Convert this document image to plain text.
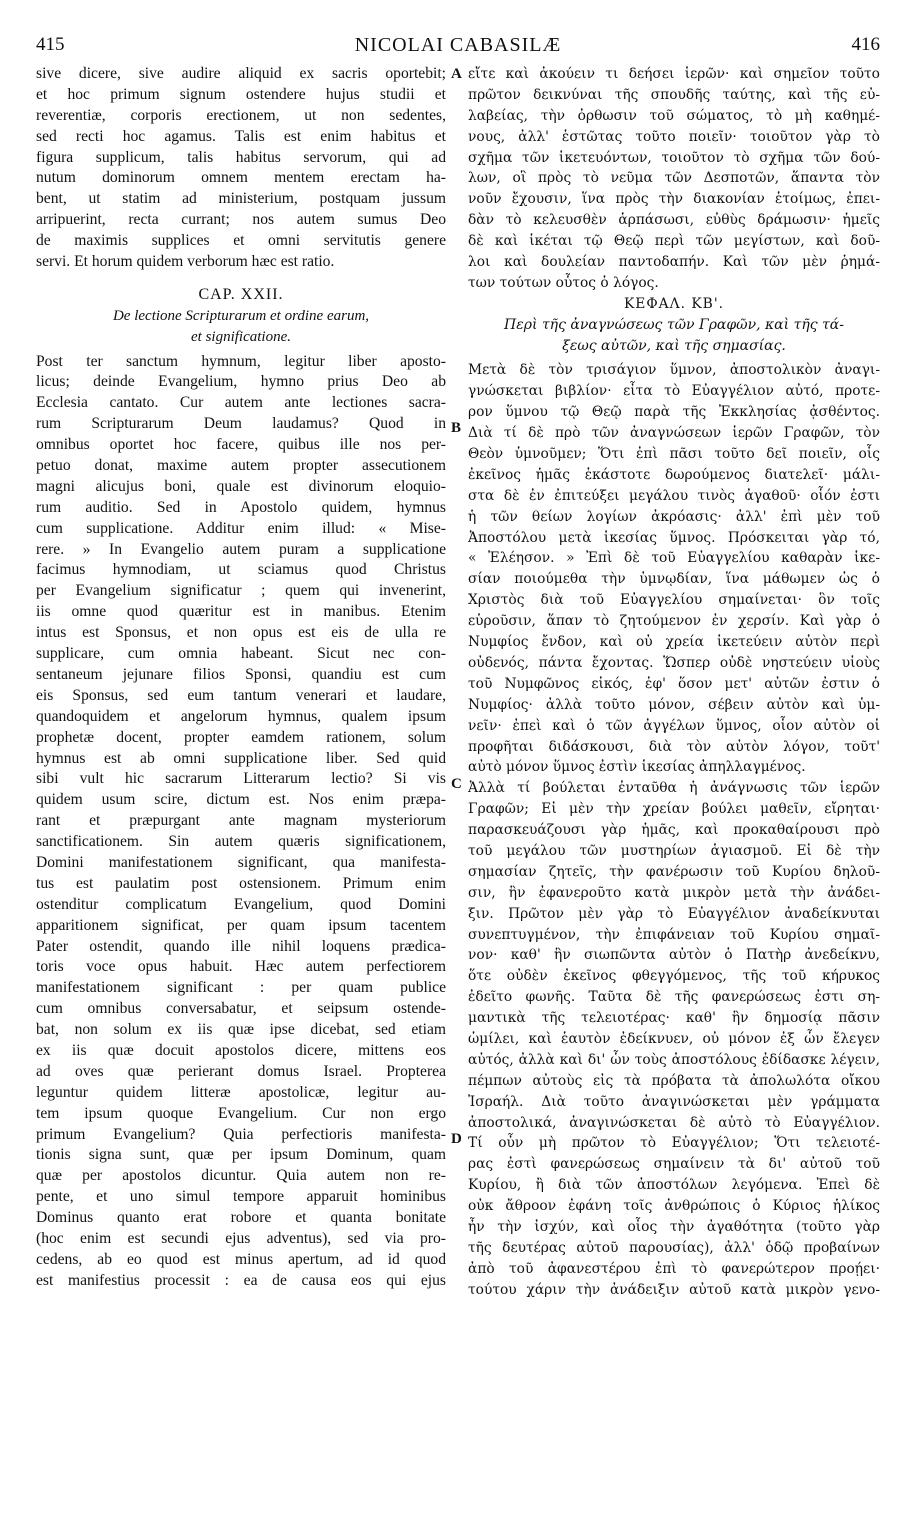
415	NICOLAI CABASILÆ	416
A
B
C
D
sive dicere, sive audire aliquid ex sacris oportebit;
et hoc primum signum ostendere hujus studii et
reverentiæ, corporis erectionem, ut non sedentes,
sed recti hoc agamus. Talis est enim habitus et
figura supplicum, talis habitus servorum, qui ad
nutum dominorum omnem mentem erectam ha-
bent, ut statim ad ministerium, postquam jussum
arripuerint, recta currant; nos autem sumus Deo
de maximis supplices et omni servitutis genere
servi. Et horum quidem verborum hæc est ratio.
CAP. XXII.
De lectione Scripturarum et ordine earum,
et significatione.
Post ter sanctum hymnum, legitur liber aposto-
licus; deinde Evangelium, hymno prius Deo ab
Ecclesia cantato. Cur autem ante lectiones sacra-
rum Scripturarum Deum laudamus? Quod in
omnibus oportet hoc facere, quibus ille nos per-
petuo donat, maxime autem propter assecutionem
magni alicujus boni, quale est divinorum eloquio-
rum auditio. Sed in Apostolo quidem, hymnus
cum supplicatione. Additur enim illud: « Mise-
rere. » In Evangelio autem puram a supplicatione
facimus hymnodiam, ut sciamus quod Christus
per Evangelium significatur ; quem qui invenerint,
iis omne quod quæritur est in manibus. Etenim
intus est Sponsus, et non opus est eis de ulla re
supplicare, cum omnia habeant. Sicut nec con-
sentaneum jejunare filios Sponsi, quandiu est cum
eis Sponsus, sed eum tantum venerari et laudare,
quandoquidem et angelorum hymnus, qualem ipsum
prophetæ docent, propter eamdem rationem, solum
hymnus est ab omni supplicatione liber. Sed quid
sibi vult hic sacrarum Litterarum lectio? Si vis
quidem usum scire, dictum est. Nos enim præpa-
rant et præpurgant ante magnam mysteriorum
sanctificationem. Sin autem quæris significationem,
Domini manifestationem significant, qua manifesta-
tus est paulatim post ostensionem. Primum enim
ostenditur complicatum Evangelium, quod Domini
apparitionem significat, per quam ipsum tacentem
Pater ostendit, quando ille nihil loquens prædica-
toris voce opus habuit. Hæc autem perfectiorem
manifestationem significant : per quam publice
cum omnibus conversabatur, et seipsum ostende-
bat, non solum ex iis quæ ipse dicebat, sed etiam
ex iis quæ docuit apostolos dicere, mittens eos
ad oves quæ perierant domus Israel. Propterea
leguntur quidem litteræ apostolicæ, legitur au-
tem ipsum quoque Evangelium. Cur non ergo
primum Evangelium? Quia perfectioris manifesta-
tionis signa sunt, quæ per ipsum Dominum, quam
quæ per apostolos dicuntur. Quia autem non re-
pente, et uno simul tempore apparuit hominibus
Dominus quanto erat robore et quanta bonitate
(hoc enim est secundi ejus adventus), sed via pro-
cedens, ab eo quod est minus apertum, ad id quod
est manifestius processit : ea de causa eos qui ejus
εἴτε καὶ ἀκούειν τι δεήσει ἱερῶν· καὶ σημεῖον τοῦτο
πρῶτον δεικνύναι τῆς σπουδῆς ταύτης, καὶ τῆς εὐ-
λαβείας, τὴν ὀρθωσιν τοῦ σώματος, τὸ μὴ καθημέ-
νους, ἀλλ' ἑστῶτας τοῦτο ποιεῖν· τοιοῦτον γὰρ τὸ
σχῆμα τῶν ἱκετευόντων, τοιοῦτον τὸ σχῆμα τῶν δού-
λων, οἳ πρὸς τὸ νεῦμα τῶν Δεσποτῶν, ἅπαντα τὸν
νοῦν ἔχουσιν, ἵνα πρὸς τὴν διακονίαν ἑτοίμως, ἐπει-
δὰν τὸ κελευσθὲν ἁρπάσωσι, εὐθὺς δράμωσιν· ἡμεῖς
δὲ καὶ ἱκέται τῷ Θεῷ περὶ τῶν μεγίστων, καὶ δοῦ-
λοι καὶ δουλείαν παντοδαπήν. Καὶ τῶν μὲν ῥημά-
των τούτων οὗτος ὁ λόγος.
ΚΕΦΑΛ. ΚΒ'.
Περὶ τῆς ἀναγνώσεως τῶν Γραφῶν, καὶ τῆς τά-
ξεως αὐτῶν, καὶ τῆς σημασίας.
Μετὰ δὲ τὸν τρισάγιον ὕμνον, ἀποστολικὸν ἀναγι-
γνώσκεται βιβλίον· εἶτα τὸ Εὐαγγέλιον αὐτό, προτε-
ρον ὕμνου τῷ Θεῷ παρὰ τῆς Ἐκκλησίας ᾀσθέντος.
Διὰ τί δὲ πρὸ τῶν ἀναγνώσεων ἱερῶν Γραφῶν, τὸν
Θεὸν ὑμνοῦμεν; Ὅτι ἐπὶ πᾶσι τοῦτο δεῖ ποιεῖν, οἷς
ἐκεῖνος ἡμᾶς ἑκάστοτε δωρούμενος διατελεῖ· μάλι-
στα δὲ ἐν ἐπιτεύξει μεγάλου τινὸς ἀγαθοῦ· οἷόν ἐστι
ἡ τῶν θείων λογίων ἀκρόασις· ἀλλ' ἐπὶ μὲν τοῦ
Ἀποστόλου μετὰ ἱκεσίας ὕμνος. Πρόσκειται γὰρ τό,
« Ἐλέησον. » Ἐπὶ δὲ τοῦ Εὐαγγελίου καθαρὰν ἱκε-
σίαν ποιούμεθα τὴν ὑμνῳδίαν, ἵνα μάθωμεν ὡς ὁ
Χριστὸς διὰ τοῦ Εὐαγγελίου σημαίνεται· ὃν τοῖς
εὑροῦσιν, ἅπαν τὸ ζητούμενον ἐν χερσίν. Καὶ γὰρ ὁ
Νυμφίος ἔνδον, καὶ οὐ χρεία ἱκετεύειν αὐτὸν περὶ
οὐδενός, πάντα ἔχοντας. Ὥσπερ οὐδὲ νηστεύειν υἱοὺς
τοῦ Νυμφῶνος εἰκός, ἐφ' ὅσον μετ' αὐτῶν ἐστιν ὁ
Νυμφίος· ἀλλὰ τοῦτο μόνον, σέβειν αὐτὸν καὶ ὑμ-
νεῖν· ἐπεὶ καὶ ὁ τῶν ἀγγέλων ὕμνος, οἷον αὐτὸν οἱ
προφῆται διδάσκουσι, διὰ τὸν αὐτὸν λόγον, τοῦτ'
αὐτὸ μόνον ὕμνος ἐστὶν ἱκεσίας ἀπηλλαγμένος.
Ἀλλὰ τί βούλεται ἐνταῦθα ἡ ἀνάγνωσις τῶν ἱερῶν
Γραφῶν; Εἰ μὲν τὴν χρείαν βούλει μαθεῖν, εἴρηται·
παρασκευάζουσι γὰρ ἡμᾶς, καὶ προκαθαίρουσι πρὸ
τοῦ μεγάλου τῶν μυστηρίων ἁγιασμοῦ. Εἰ δὲ τὴν
σημασίαν ζητεῖς, τὴν φανέρωσιν τοῦ Κυρίου δηλοῦ-
σιν, ἣν ἐφανεροῦτο κατὰ μικρὸν μετὰ τὴν ἀνάδει-
ξιν. Πρῶτον μὲν γὰρ τὸ Εὐαγγέλιον ἀναδείκνυται
συνεπτυγμένον, τὴν ἐπιφάνειαν τοῦ Κυρίου σημαῖ-
νον· καθ' ἣν σιωπῶντα αὐτὸν ὁ Πατὴρ ἀνεδείκνυ,
ὅτε οὐδὲν ἐκεῖνος φθεγγόμενος, τῆς τοῦ κήρυκος
ἐδεῖτο φωνῆς. Ταῦτα δὲ τῆς φανερώσεως ἐστι ση-
μαντικὰ τῆς τελειοτέρας· καθ' ἣν δημοσίᾳ πᾶσιν
ὡμίλει, καὶ ἑαυτὸν ἐδείκνυεν, οὐ μόνον ἐξ ὧν ἔλεγεν
αὐτός, ἀλλὰ καὶ δι' ὧν τοὺς ἀποστόλους ἐδίδασκε λέγειν,
πέμπων αὐτοὺς εἰς τὰ πρόβατα τὰ ἀπολωλότα οἴκου
Ἰσραήλ. Διὰ τοῦτο ἀναγινώσκεται μὲν γράμματα
ἀποστολικά, ἀναγινώσκεται δὲ αὐτὸ τὸ Εὐαγγέλιον.
Τί οὖν μὴ πρῶτον τὸ Εὐαγγέλιον; Ὅτι τελειοτέ-
ρας ἐστὶ φανερώσεως σημαίνειν τὰ δι' αὐτοῦ τοῦ
Κυρίου, ἢ διὰ τῶν ἀποστόλων λεγόμενα. Ἐπεὶ δὲ
οὐκ ἄθροον ἐφάνη τοῖς ἀνθρώποις ὁ Κύριος ἡλίκος
ἦν τὴν ἰσχύν, καὶ οἷος τὴν ἀγαθότητα (τοῦτο γὰρ
τῆς δευτέρας αὐτοῦ παρουσίας), ἀλλ' ὁδῷ προβαίνων
ἀπὸ τοῦ ἀφανεστέρου ἐπὶ τὸ φανερώτερον προῄει·
τούτου χάριν τὴν ἀνάδειξιν αὐτοῦ κατὰ μικρὸν γενο-
